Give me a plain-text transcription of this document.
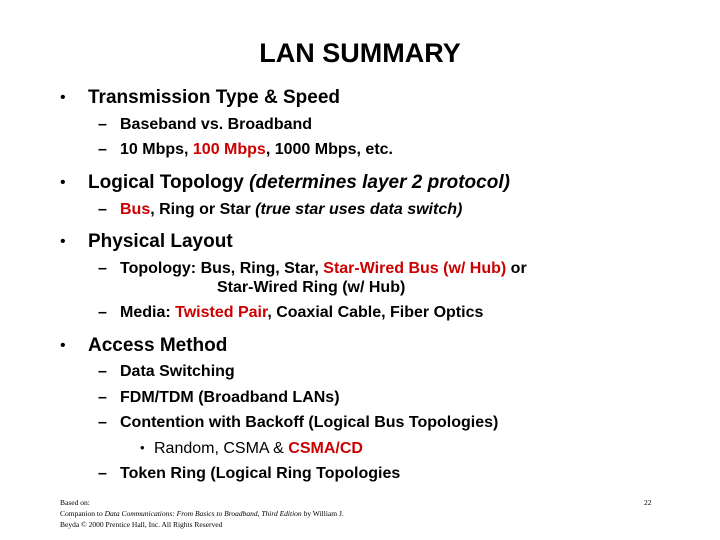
LAN SUMMARY
• Transmission Type & Speed
– Baseband vs. Broadband
– 10 Mbps, 100 Mbps, 1000 Mbps, etc.
• Logical Topology (determines layer 2 protocol)
– Bus, Ring or Star (true star uses data switch)
• Physical Layout
– Topology: Bus, Ring, Star, Star-Wired Bus (w/ Hub) or
Star-Wired Ring (w/ Hub)
– Media: Twisted Pair, Coaxial Cable, Fiber Optics
• Access Method
– Data Switching
– FDM/TDM (Broadband LANs)
– Contention with Backoff (Logical Bus Topologies)
• Random, CSMA & CSMA/CD
– Token Ring (Logical Ring Topologies
Based on:
Companion to Data Communications: From Basics to Broadband, Third Edition by William J.
Beyda © 2000 Prentice Hall, Inc. All Rights Reserved
22
